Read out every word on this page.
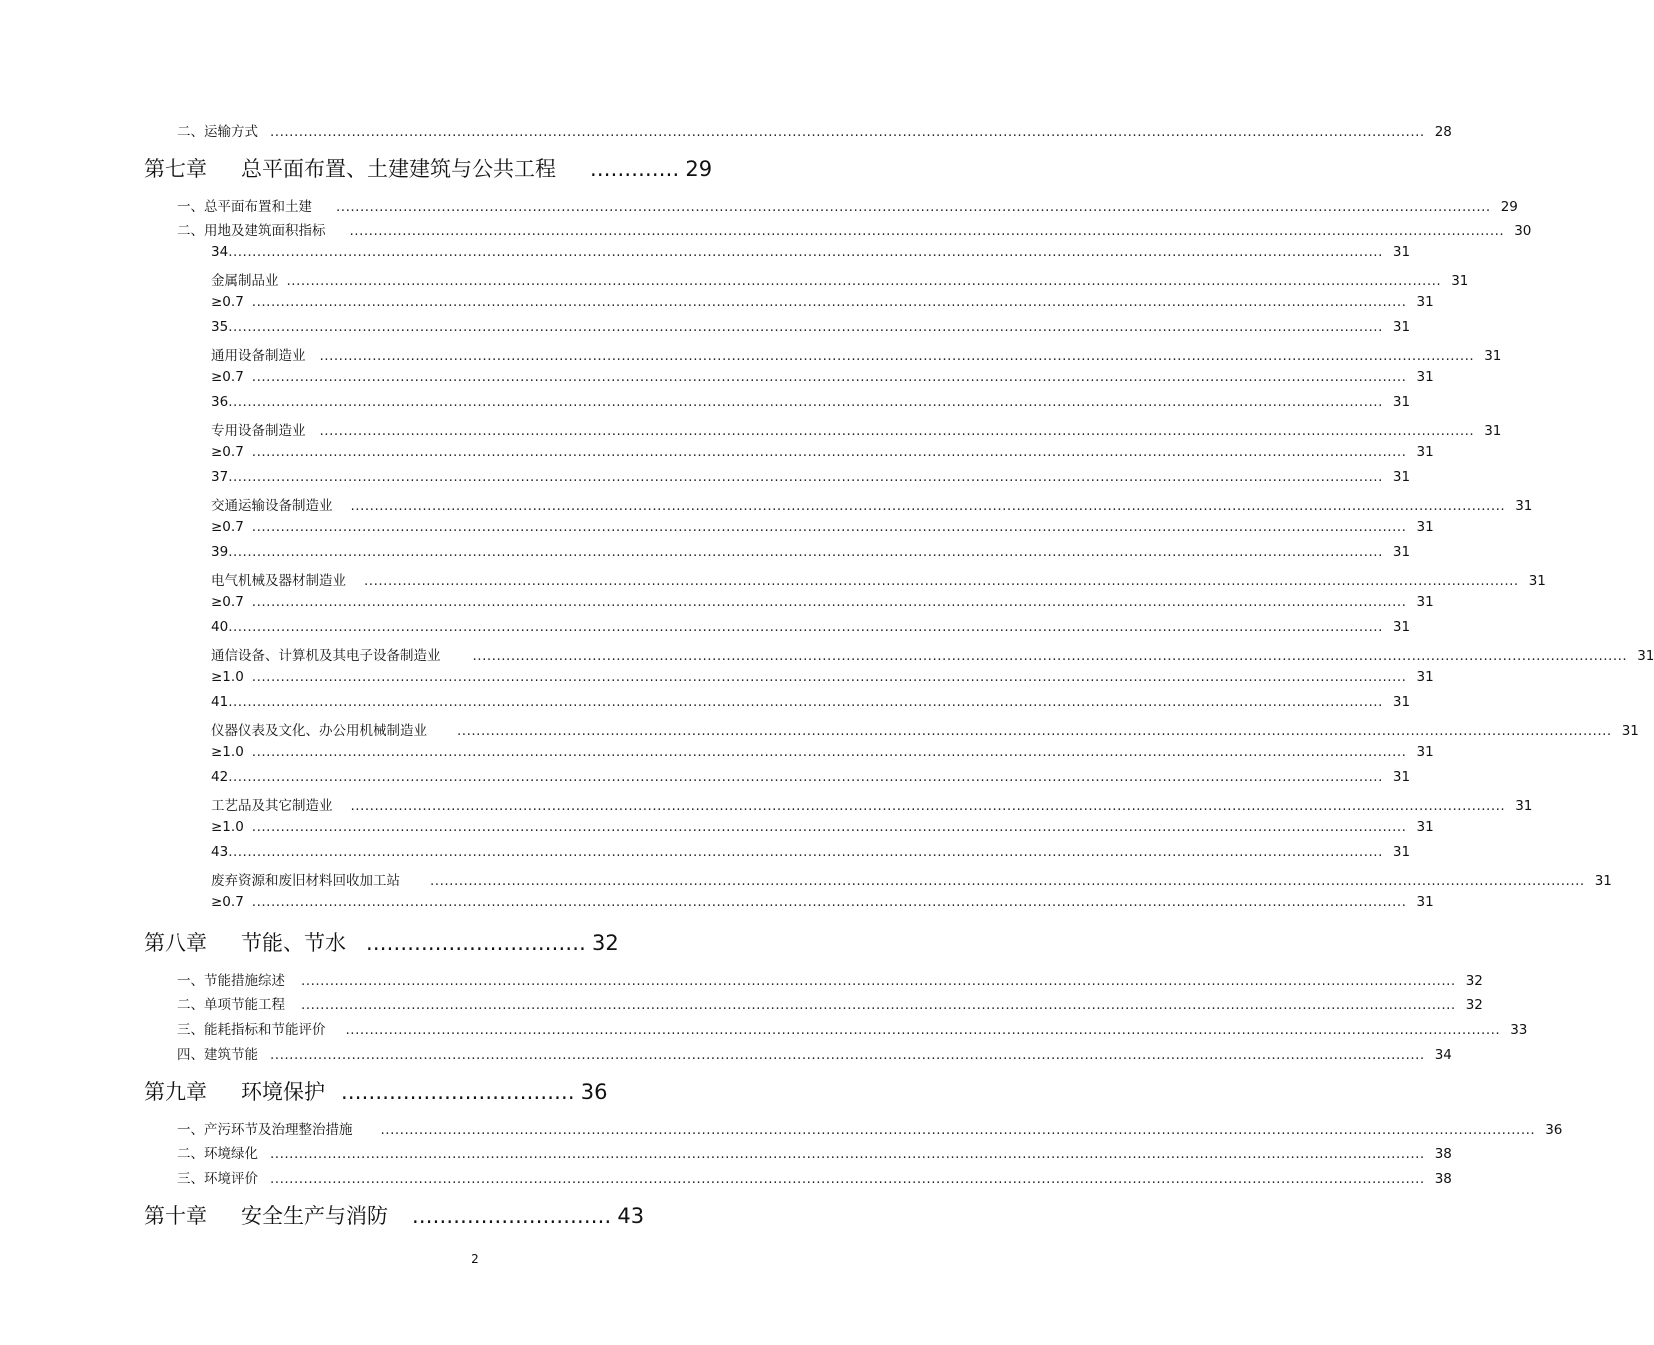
二、运输方式 ................................................................................................................................................................................................................................................. 28
第七章	总平面布置、土建建筑与公共工程	............. 29
一、总平面布置和土建	................................................................................................................................................................................................................................................. 29
二、用地及建筑面积指标	................................................................................................................................................................................................................................................. 30
34 ................................................................................................................................................................................................................................................. 31
金属制品业 ................................................................................................................................................................................................................................................. 31
≥0.7 ................................................................................................................................................................................................................................................. 31
35 ................................................................................................................................................................................................................................................. 31
通用设备制造业	................................................................................................................................................................................................................................................. 31
≥0.7 ................................................................................................................................................................................................................................................. 31
36 ................................................................................................................................................................................................................................................. 31
专用设备制造业	................................................................................................................................................................................................................................................. 31
≥0.7 ................................................................................................................................................................................................................................................. 31
37 ................................................................................................................................................................................................................................................. 31
交通运输设备制造业	................................................................................................................................................................................................................................................. 31
≥0.7 ................................................................................................................................................................................................................................................. 31
39 ................................................................................................................................................................................................................................................. 31
电气机械及器材制造业	................................................................................................................................................................................................................................................. 31
≥0.7 ................................................................................................................................................................................................................................................. 31
40 ................................................................................................................................................................................................................................................. 31
通信设备、计算机及其电子设备制造业	................................................................................................................................................................................................................................................. 31
≥1.0 ................................................................................................................................................................................................................................................. 31
41 ................................................................................................................................................................................................................................................. 31
仪器仪表及文化、办公用机械制造业	................................................................................................................................................................................................................................................. 31
≥1.0 ................................................................................................................................................................................................................................................. 31
42 ................................................................................................................................................................................................................................................. 31
工艺品及其它制造业	................................................................................................................................................................................................................................................. 31
≥1.0 ................................................................................................................................................................................................................................................. 31
43 ................................................................................................................................................................................................................................................. 31
废弃资源和废旧材料回收加工站	................................................................................................................................................................................................................................................. 31
≥0.7 ................................................................................................................................................................................................................................................. 31
第八章	节能、节水 ................................ 32
一、节能措施综述	................................................................................................................................................................................................................................................. 32
二、单项节能工程	................................................................................................................................................................................................................................................. 32
三、能耗指标和节能评价	................................................................................................................................................................................................................................................. 33
四、建筑节能 ................................................................................................................................................................................................................................................. 34
第九章	环境保护 .................................. 36
一、产污环节及治理整治措施	................................................................................................................................................................................................................................................. 36
二、环境绿化 ................................................................................................................................................................................................................................................. 38
三、环境评价 ................................................................................................................................................................................................................................................. 38
第十章	安全生产与消防	............................. 43
2
